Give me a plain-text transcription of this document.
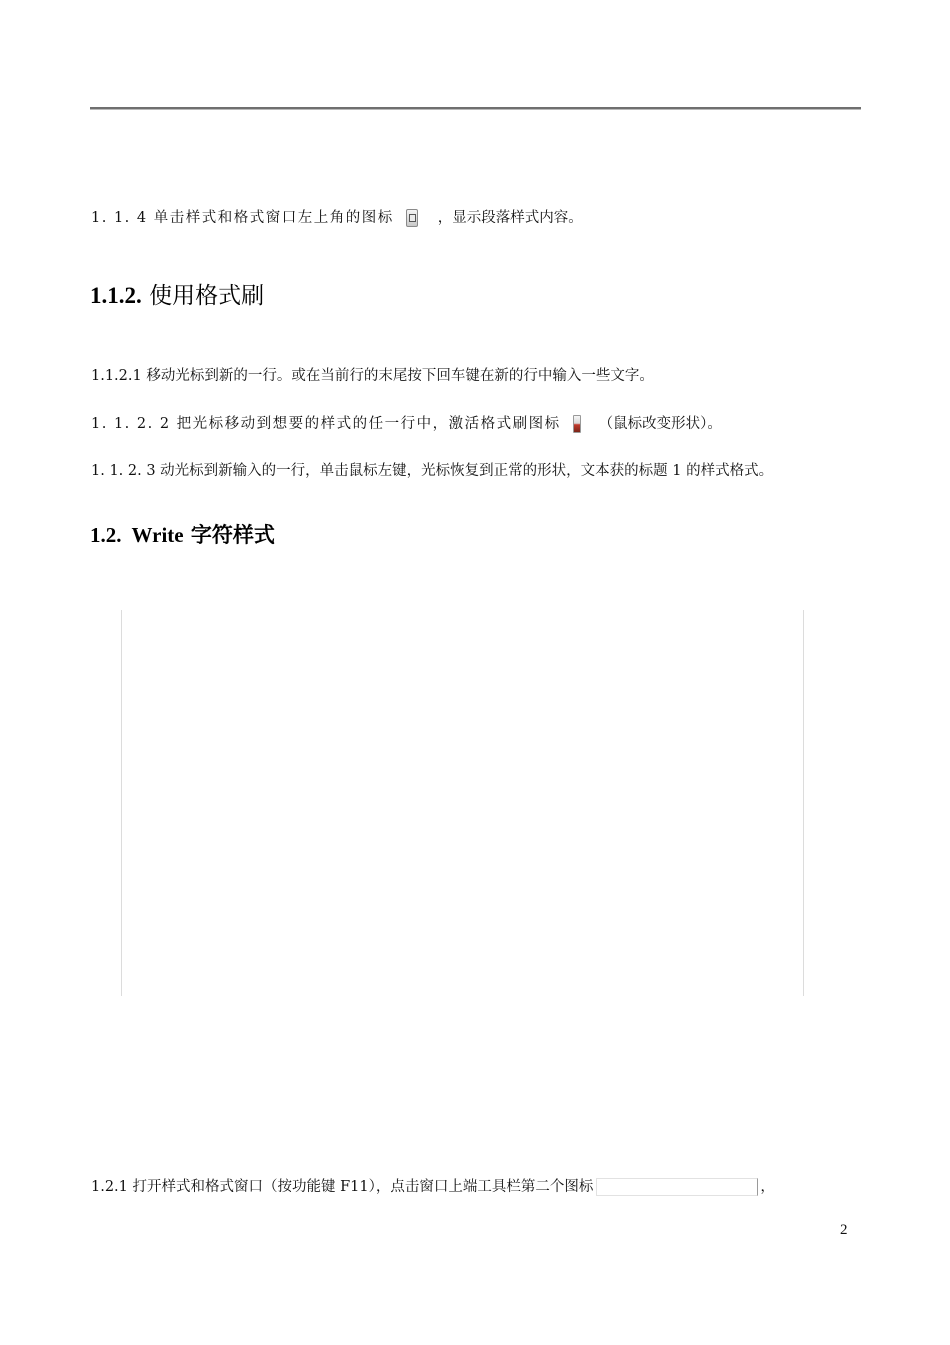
1. 1. 4 单击样式和格式窗口左上角的图标	，显示段落样式内容。
1.1.2. 使用格式刷
1.1.2.1 移动光标到新的一行。或在当前行的末尾按下回车键在新的行中输入一些文字。
1. 1. 2. 2 把光标移动到想要的样式的任一行中，激活格式刷图标	（鼠标改变形状）。
1. 1. 2. 3 动光标到新输入的一行，单击鼠标左键，光标恢复到正常的形状，文本获的标题 1 的样式格式。
1.2. Write 字符样式
1.2.1 打开样式和格式窗口（按功能键 F11），点击窗口上端工具栏第二个图标	，
2
